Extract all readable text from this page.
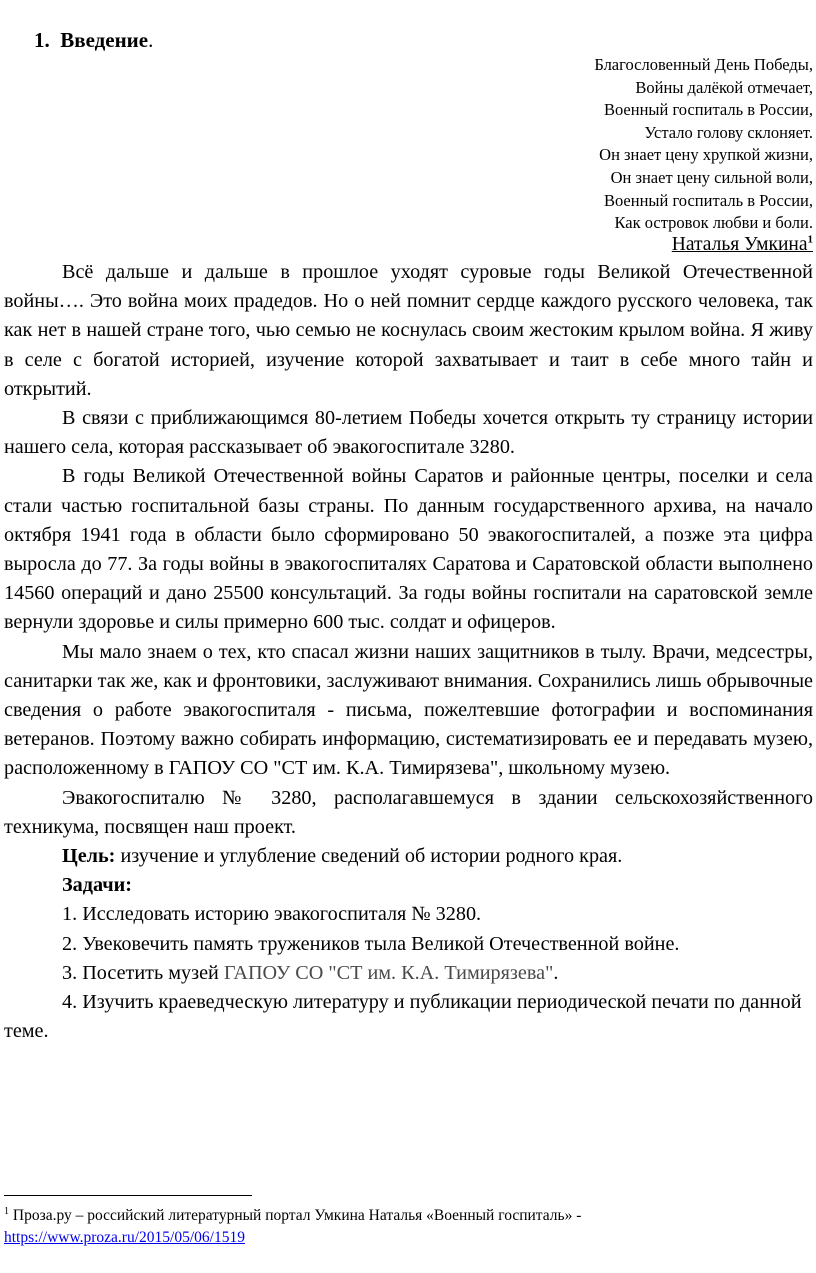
1. Введение.
Благословенный День Победы,
Войны далёкой отмечает,
Военный госпиталь в России,
Устало голову склоняет.
Он знает цену хрупкой жизни,
Он знает цену сильной воли,
Военный госпиталь в России,
Как островок любви и боли.
Наталья Умкина$^1$

Всё дальше и дальше в прошлое уходят суровые годы Великой Отечественной войны…. Это война моих прадедов. Но о ней помнит сердце каждого русского человека, так как нет в нашей стране того, чью семью не коснулась своим жестоким крылом война. Я живу в селе с богатой историей, изучение которой захватывает и таит в себе много тайн и открытий.

В связи с приближающимся 80-летием Победы хочется открыть ту страницу истории нашего села, которая рассказывает об эвакогоспитале 3280.

В годы Великой Отечественной войны Саратов и районные центры, поселки и села стали частью госпитальной базы страны. По данным государственного архива, на начало октября 1941 года в области было сформировано 50 эвакогоспиталей, а позже эта цифра выросла до 77. За годы войны в эвакогоспиталях Саратова и Саратовской области выполнено 14560 операций и дано 25500 консультаций. За годы войны госпитали на саратовской земле вернули здоровье и силы примерно 600 тыс. солдат и офицеров.

Мы мало знаем о тех, кто спасал жизни наших защитников в тылу. Врачи, медсестры, санитарки так же, как и фронтовики, заслуживают внимания. Сохранились лишь обрывочные сведения о работе эвакогоспиталя - письма, пожелтевшие фотографии и воспоминания ветеранов. Поэтому важно собирать информацию, систематизировать ее и передавать музею, расположенному в ГАПОУ СО "СТ им. К.А. Тимирязева", школьному музею.

Эвакогоспиталю № 3280, располагавшемуся в здании сельскохозяйственного техникума, посвящен наш проект.

Цель: изучение и углубление сведений об истории родного края.

Задачи:

1. Исследовать историю эвакогоспиталя № 3280.

2. Увековечить память тружеников тыла Великой Отечественной войне.

3. Посетить музей ГАПОУ СО "СТ им. К.А. Тимирязева".

4. Изучить краеведческую литературу и публикации периодической печати по данной теме.

$^1$ Проза.ру – российский литературный портал Умкина Наталья «Военный госпиталь» - https://www.proza.ru/2015/05/06/1519
